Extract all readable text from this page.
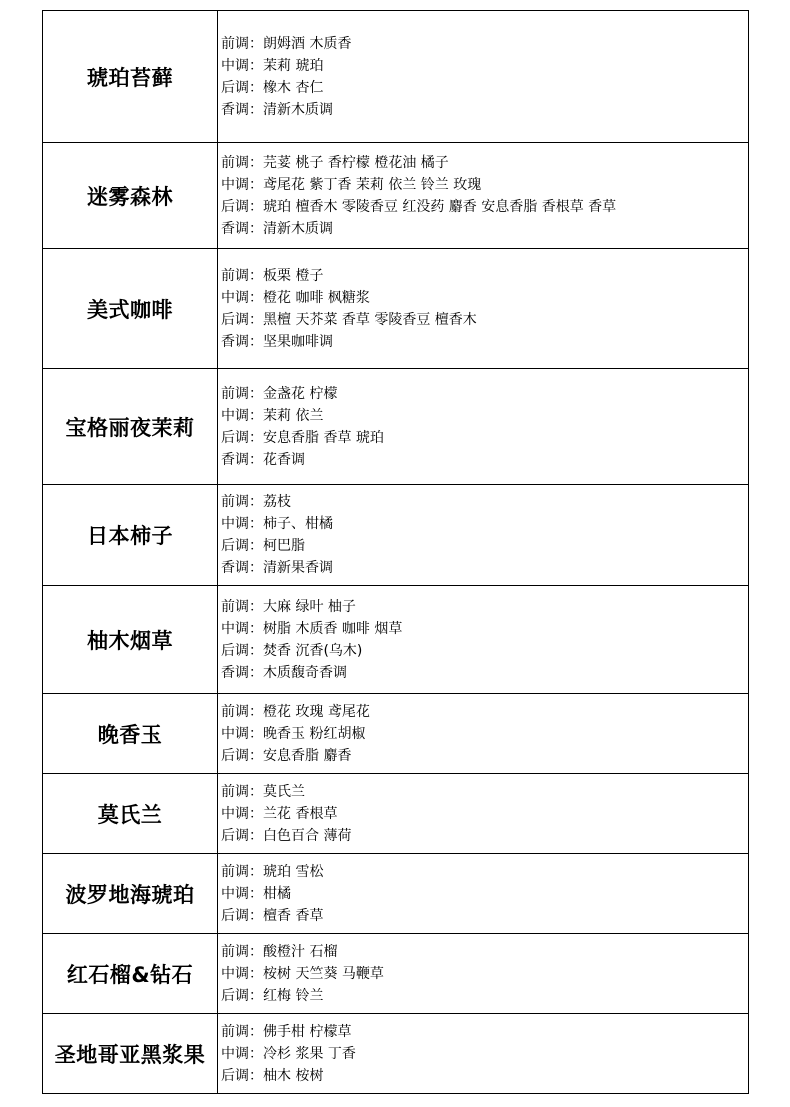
琥珀苔藓	前调：朗姆酒 木质香
中调：茉莉 琥珀
后调：橡木 杏仁
香调：清新木质调

迷雾森林	前调：芫荽 桃子 香柠檬 橙花油 橘子
中调：鸢尾花 紫丁香 茉莉 依兰 铃兰 玫瑰
后调：琥珀 檀香木 零陵香豆 红没药 麝香 安息香脂 香根草 香草
香调：清新木质调

美式咖啡	前调：板栗 橙子
中调：橙花 咖啡 枫糖浆
后调：黑檀 天芥菜 香草 零陵香豆 檀香木
香调：坚果咖啡调

宝格丽夜茉莉	前调：金盏花 柠檬
中调：茉莉 依兰
后调：安息香脂 香草 琥珀
香调：花香调

日本柿子	前调：荔枝
中调：柿子、柑橘
后调：柯巴脂
香调：清新果香调

柚木烟草	前调：大麻 绿叶 柚子
中调：树脂 木质香 咖啡 烟草
后调：焚香 沉香(乌木)
香调：木质馥奇香调

晚香玉	前调：橙花 玫瑰 鸢尾花
中调：晚香玉 粉红胡椒
后调：安息香脂 麝香

莫氏兰	前调：莫氏兰
中调：兰花 香根草
后调：白色百合 薄荷

波罗地海琥珀	前调：琥珀 雪松
中调：柑橘
后调：檀香 香草

红石榴&钻石	前调：酸橙汁 石榴
中调：桉树 天竺葵 马鞭草
后调：红梅 铃兰

圣地哥亚黑浆果	前调：佛手柑 柠檬草
中调：冷杉 浆果 丁香
后调：柚木 桉树
